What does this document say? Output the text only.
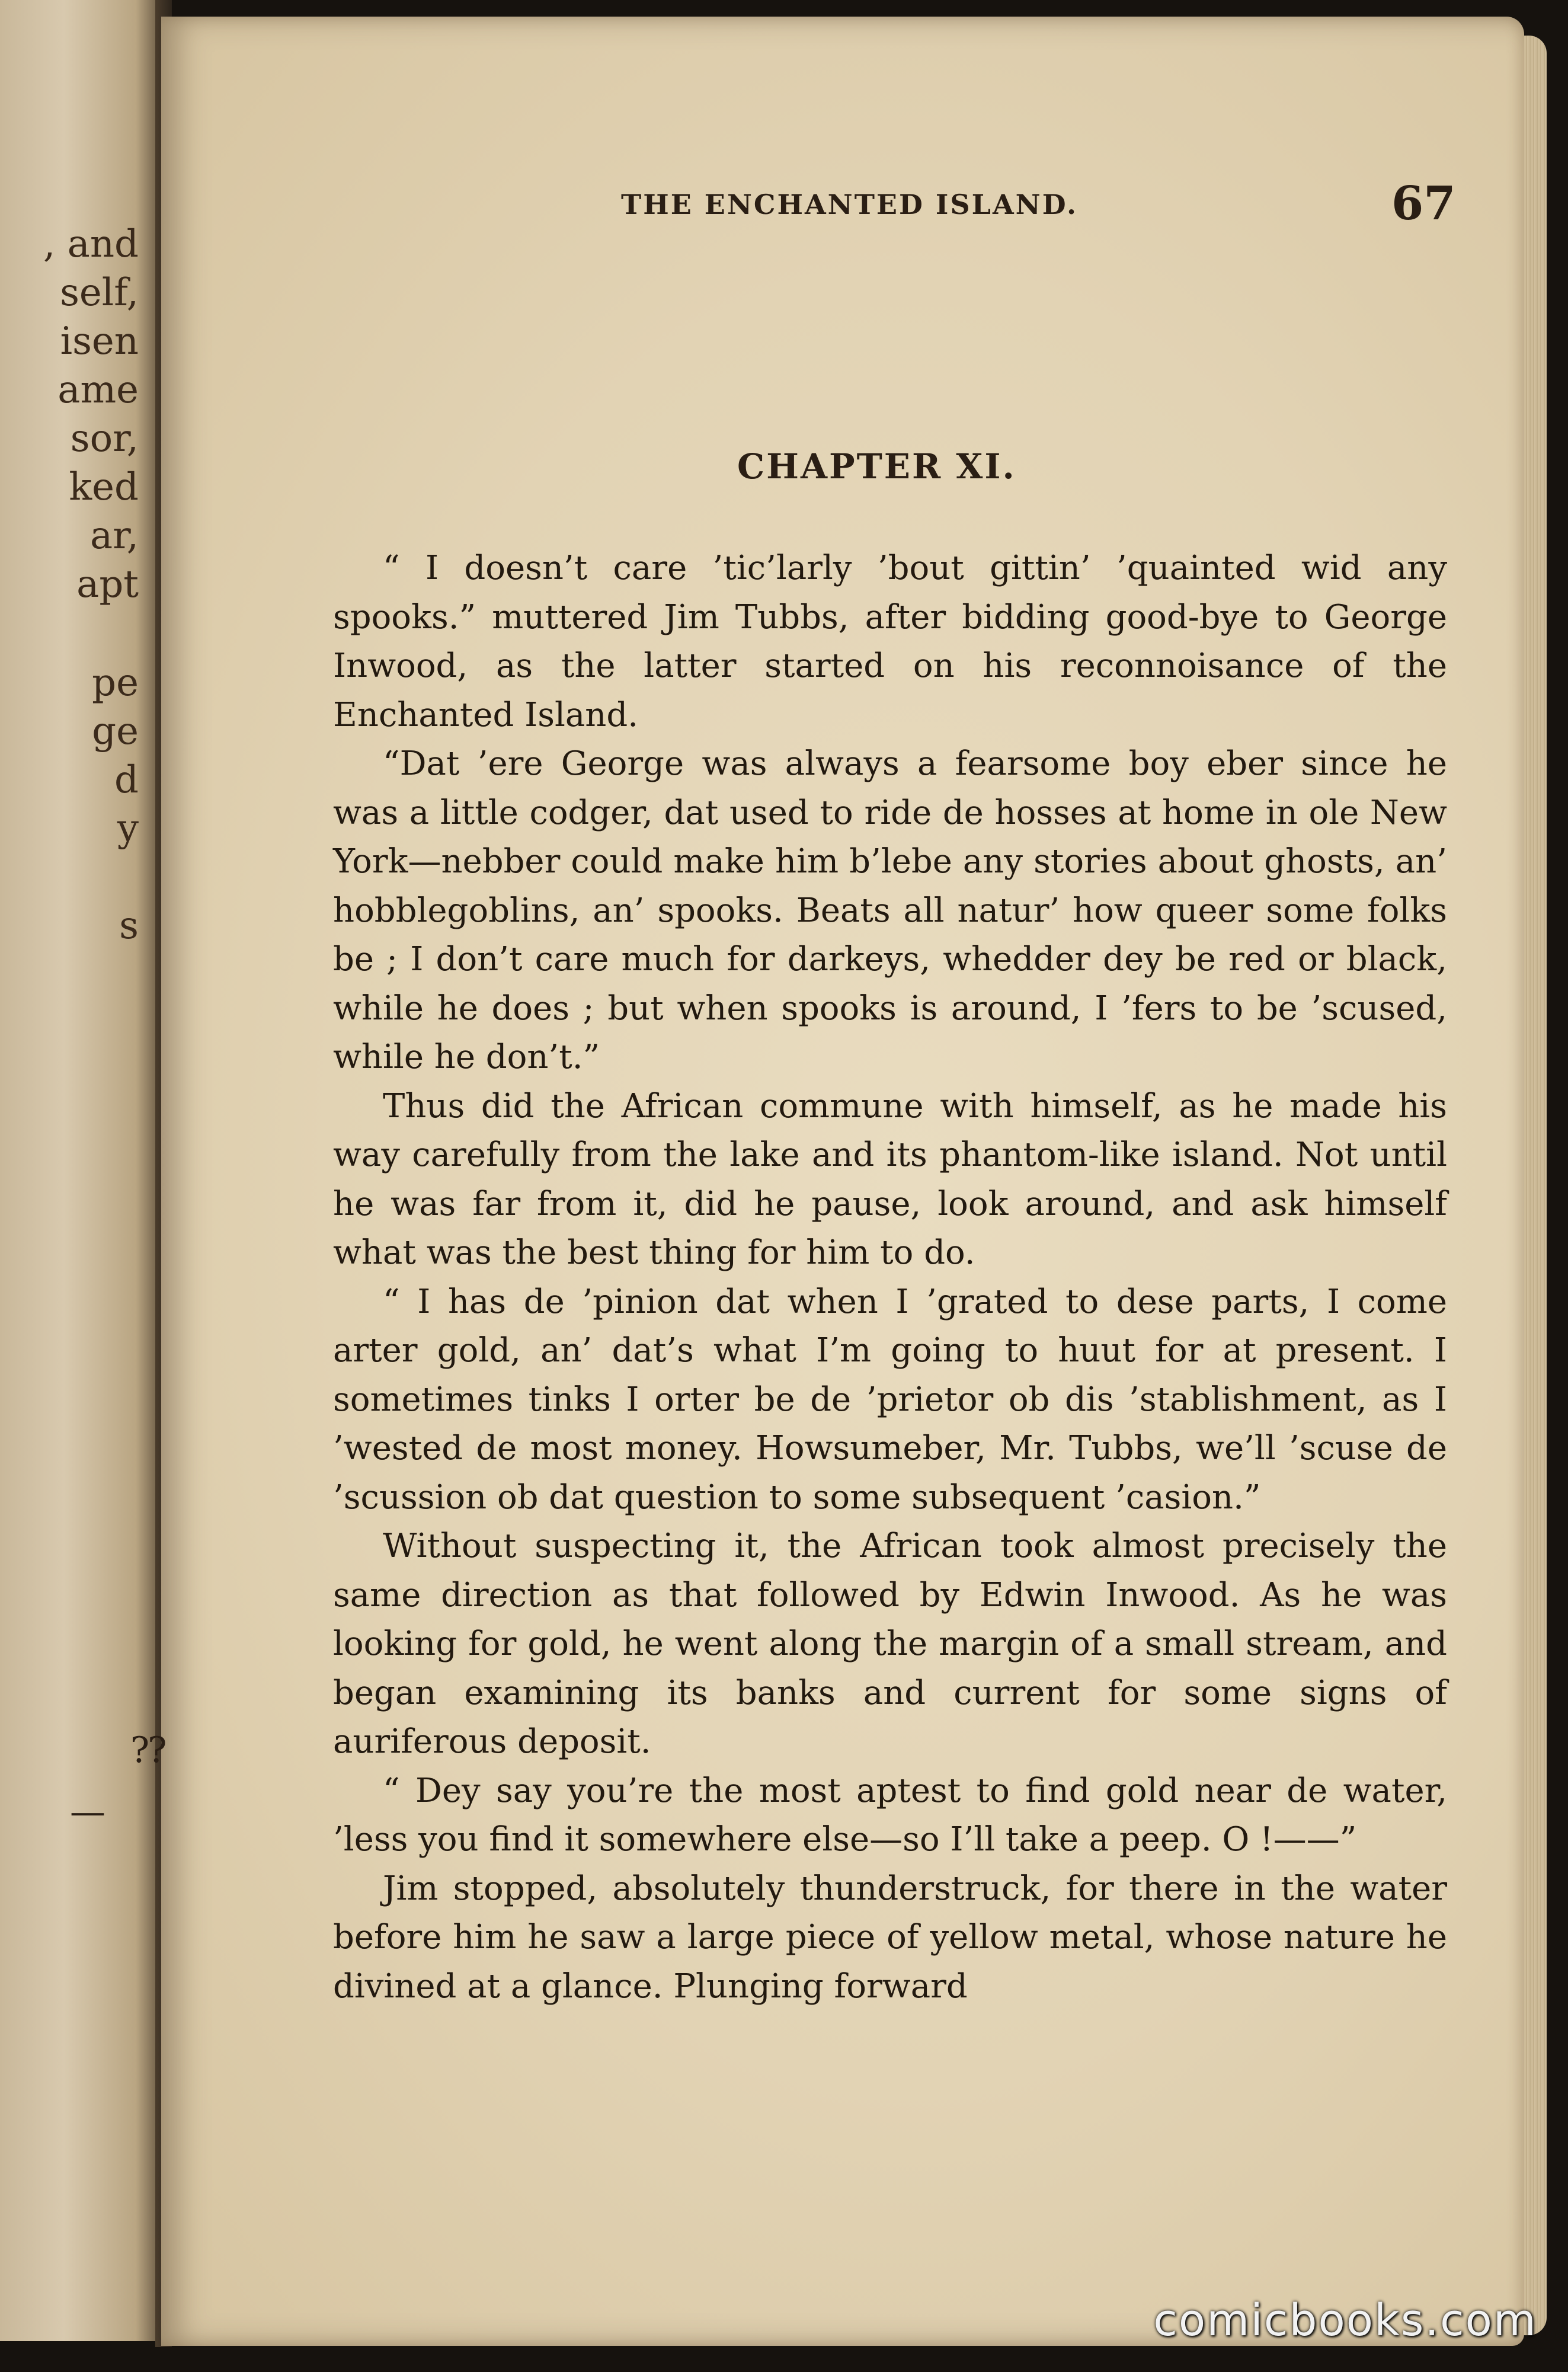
, and
self,
isen
ame
sor,
ked
ar,
apt
pe
ge
d
y
s
THE ENCHANTED ISLAND.	67
CHAPTER XI.

“ I doesn’t care ’tic’larly ’bout gittin’ ’quainted wid any spooks.” muttered Jim Tubbs, after bidding good-bye to George Inwood, as the latter started on his reconnoisance of the Enchanted Island.

“Dat ’ere George was always a fearsome boy eber since he was a little codger, dat used to ride de hosses at home in ole New York—nebber could make him b’lebe any stories about ghosts, an’ hobblegoblins, an’ spooks. Beats all natur’ how queer some folks be ; I don’t care much for darkeys, whedder dey be red or black, while he does ; but when spooks is around, I ’fers to be ’scused, while he don’t.”

Thus did the African commune with himself, as he made his way carefully from the lake and its phantom-like island. Not until he was far from it, did he pause, look around, and ask himself what was the best thing for him to do.

“ I has de ’pinion dat when I ’grated to dese parts, I come arter gold, an’ dat’s what I’m going to huut for at present. I sometimes tinks I orter be de ’prietor ob dis ’stablishment, as I ’wested de most money. Howsumeber, Mr. Tubbs, we’ll ’scuse de ’scussion ob dat question to some subsequent ’casion.”

Without suspecting it, the African took almost precisely the same direction as that followed by Edwin Inwood. As he was looking for gold, he went along the margin of a small stream, and began examining its banks and current for some signs of auriferous deposit.

“ Dey say you’re the most aptest to find gold near de water, ’less you find it somewhere else—so I’ll take a peep. O !——”

Jim stopped, absolutely thunderstruck, for there in the water before him he saw a large piece of yellow metal, whose nature he divined at a glance. Plunging forward

⁇
—
comicbooks.com
